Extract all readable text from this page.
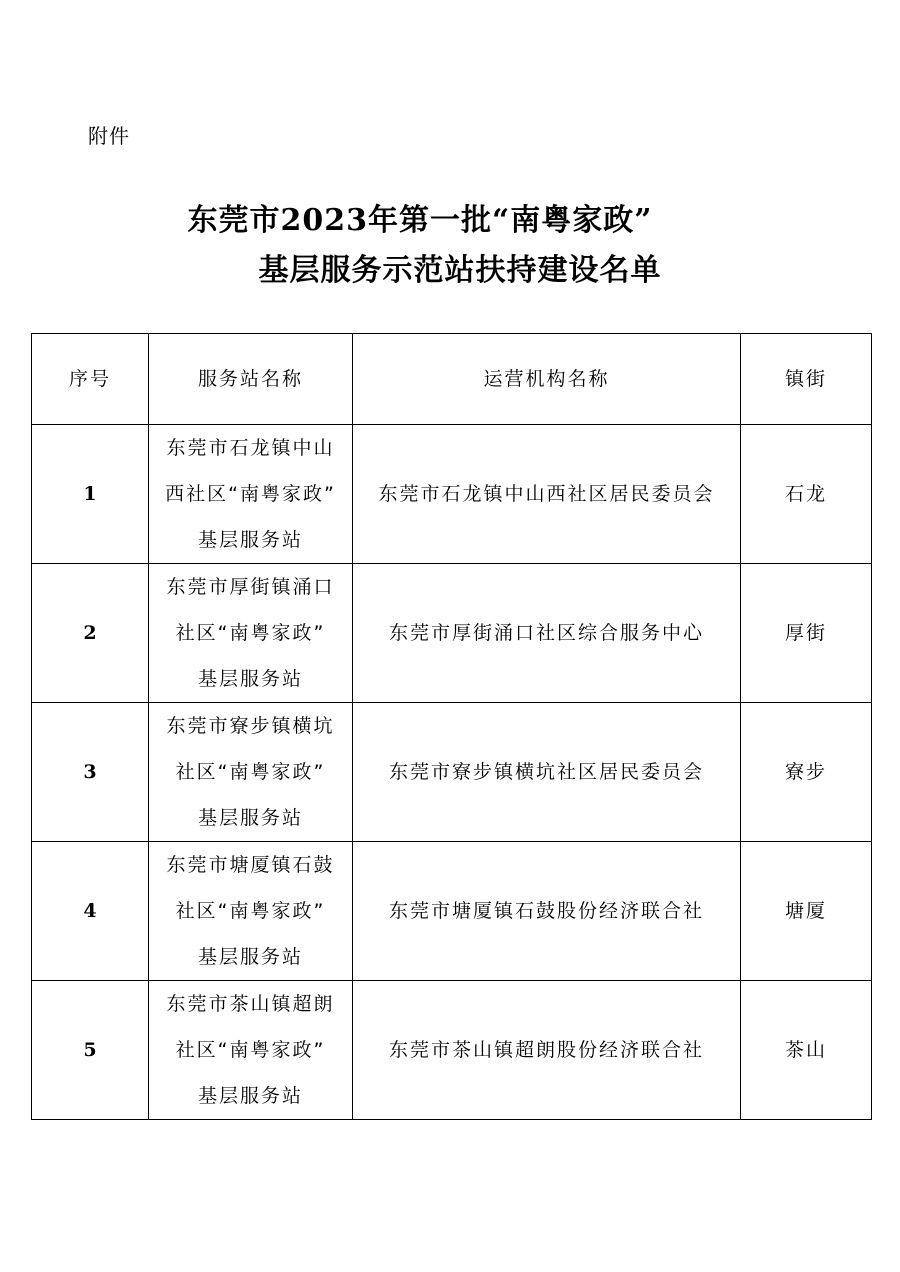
附件
东莞市2023年第一批“南粤家政”
基层服务示范站扶持建设名单
序号	服务站名称	运营机构名称	镇街
1	东莞市石龙镇中山
西社区“南粤家政”
基层服务站	东莞市石龙镇中山西社区居民委员会	石龙
2	东莞市厚街镇涌口
社区“南粤家政”
基层服务站	东莞市厚街涌口社区综合服务中心	厚街
3	东莞市寮步镇横坑
社区“南粤家政”
基层服务站	东莞市寮步镇横坑社区居民委员会	寮步
4	东莞市塘厦镇石鼓
社区“南粤家政”
基层服务站	东莞市塘厦镇石鼓股份经济联合社	塘厦
5	东莞市茶山镇超朗
社区“南粤家政”
基层服务站	东莞市茶山镇超朗股份经济联合社	茶山
